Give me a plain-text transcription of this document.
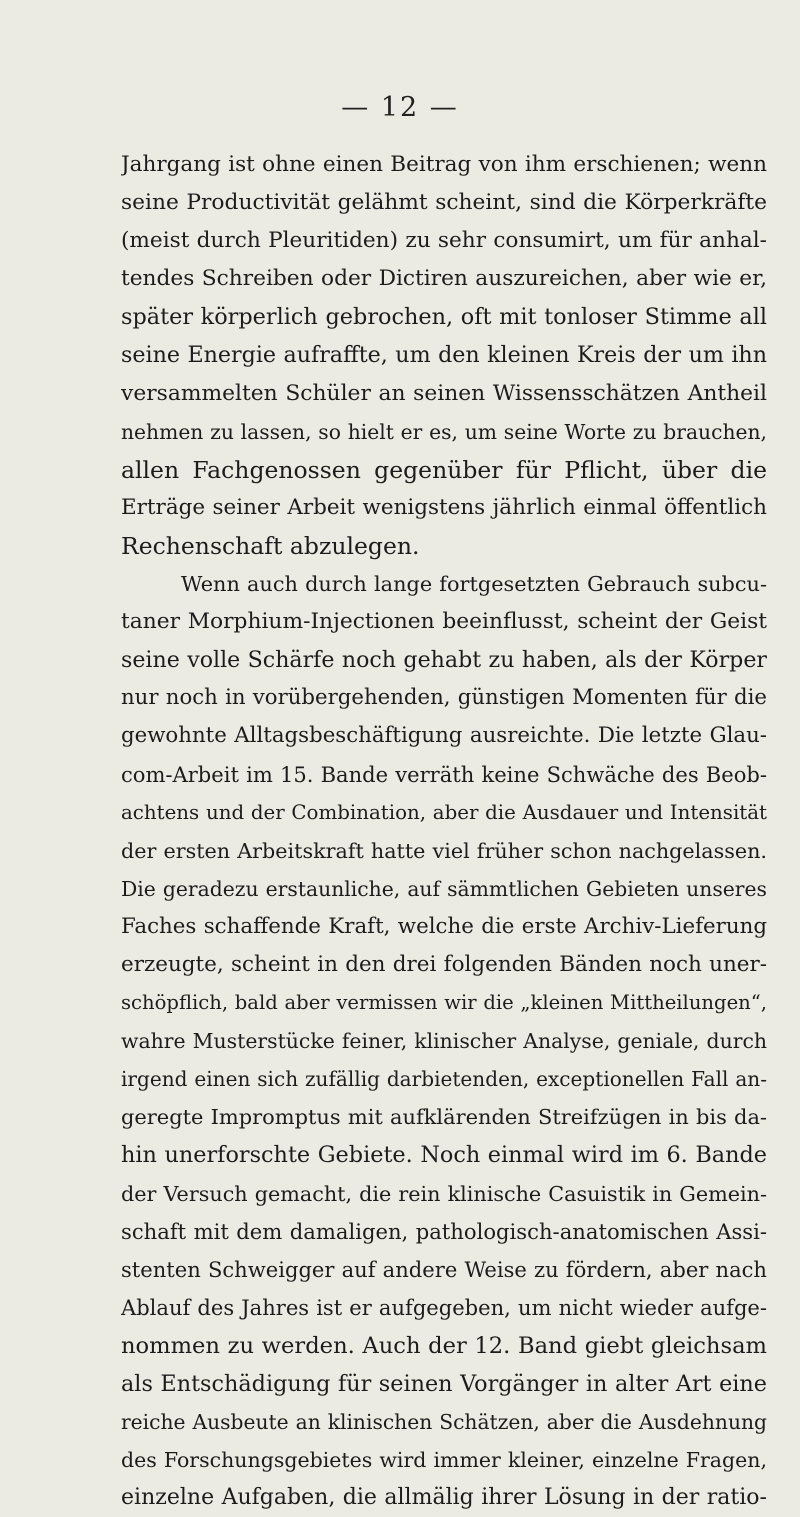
— 12 —
Jahrgang ist ohne einen Beitrag von ihm erschienen; wenn
seine Productivität gelähmt scheint, sind die Körperkräfte
(meist durch Pleuritiden) zu sehr consumirt, um für anhal-
tendes Schreiben oder Dictiren auszureichen, aber wie er,
später körperlich gebrochen, oft mit tonloser Stimme all
seine Energie aufraffte, um den kleinen Kreis der um ihn
versammelten Schüler an seinen Wissensschätzen Antheil
nehmen zu lassen, so hielt er es, um seine Worte zu brauchen,
allen Fachgenossen gegenüber für Pflicht, über die
Erträge seiner Arbeit wenigstens jährlich einmal öffentlich
Rechenschaft abzulegen.
Wenn auch durch lange fortgesetzten Gebrauch subcu-
taner Morphium-Injectionen beeinflusst, scheint der Geist
seine volle Schärfe noch gehabt zu haben, als der Körper
nur noch in vorübergehenden, günstigen Momenten für die
gewohnte Alltagsbeschäftigung ausreichte. Die letzte Glau-
com-Arbeit im 15. Bande verräth keine Schwäche des Beob-
achtens und der Combination, aber die Ausdauer und Intensität
der ersten Arbeitskraft hatte viel früher schon nachgelassen.
Die geradezu erstaunliche, auf sämmtlichen Gebieten unseres
Faches schaffende Kraft, welche die erste Archiv-Lieferung
erzeugte, scheint in den drei folgenden Bänden noch uner-
schöpflich, bald aber vermissen wir die „kleinen Mittheilungen“,
wahre Musterstücke feiner, klinischer Analyse, geniale, durch
irgend einen sich zufällig darbietenden, exceptionellen Fall an-
geregte Impromptus mit aufklärenden Streifzügen in bis da-
hin unerforschte Gebiete. Noch einmal wird im 6. Bande
der Versuch gemacht, die rein klinische Casuistik in Gemein-
schaft mit dem damaligen, pathologisch-anatomischen Assi-
stenten Schweigger auf andere Weise zu fördern, aber nach
Ablauf des Jahres ist er aufgegeben, um nicht wieder aufge-
nommen zu werden. Auch der 12. Band giebt gleichsam
als Entschädigung für seinen Vorgänger in alter Art eine
reiche Ausbeute an klinischen Schätzen, aber die Ausdehnung
des Forschungsgebietes wird immer kleiner, einzelne Fragen,
einzelne Aufgaben, die allmälig ihrer Lösung in der ratio-
